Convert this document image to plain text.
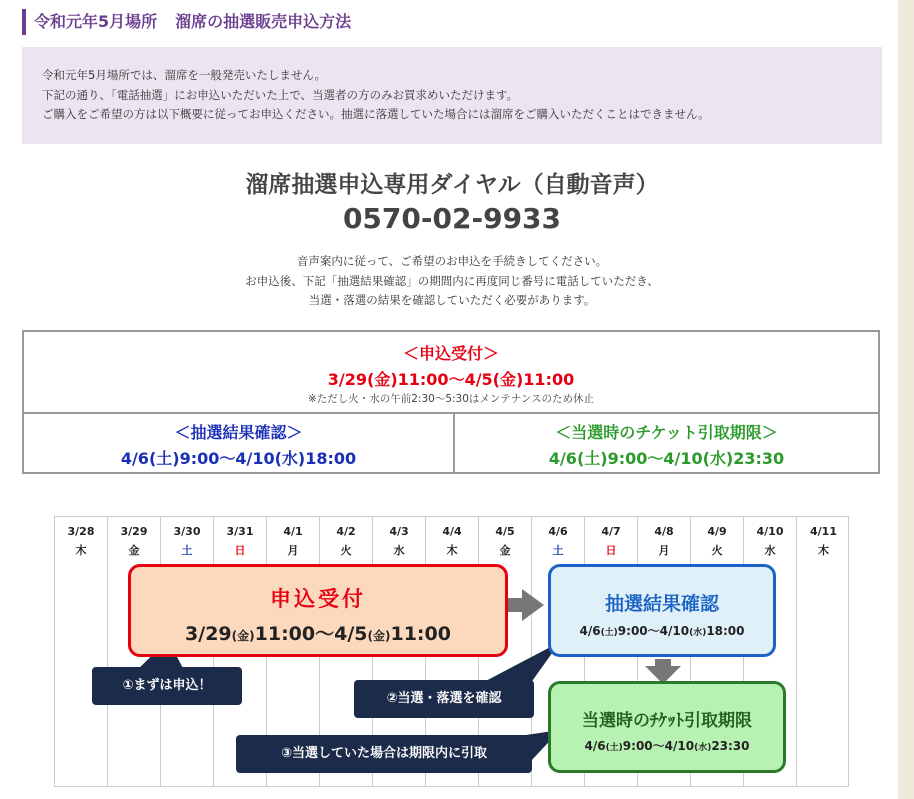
令和元年5月場所 溜席の抽選販売申込方法

令和元年5月場所では、溜席を一般発売いたしません。

下記の通り、「電話抽選」にお申込いただいた上で、当選者の方のみお買求めいただけます。

ご購入をご希望の方は以下概要に従ってお申込ください。抽選に落選していた場合には溜席をご購入いただくことはできません。

溜席抽選申込専用ダイヤル（自動音声）
0570-02-9933
音声案内に従って、ご希望のお申込を手続きしてください。
お申込後、下記「抽選結果確認」の期間内に再度同じ番号に電話していただき、
当選・落選の結果を確認していただく必要があります。
＜申込受付＞
3/29(金)11:00〜4/5(金)11:00
※ただし火・水の午前2:30〜5:30はメンテナンスのため休止
＜抽選結果確認＞
4/6(土)9:00〜4/10(水)18:00
＜当選時のチケット引取期限＞
4/6(土)9:00〜4/10(水)23:30
3/28
木
3/29
金
3/30
土
3/31
日
4/1
月
4/2
火
4/3
水
4/4
木
4/5
金
4/6
土
4/7
日
4/8
月
4/9
火
4/10
水
4/11
木
申込受付
3/29(金)11:00〜4/5(金)11:00
抽選結果確認
4/6(土)9:00〜4/10(水)18:00
当選時のﾁｹｯﾄ引取期限
4/6(土)9:00〜4/10(水)23:30
①まずは申込！
②当選・落選を確認
③当選していた場合は期限内に引取
